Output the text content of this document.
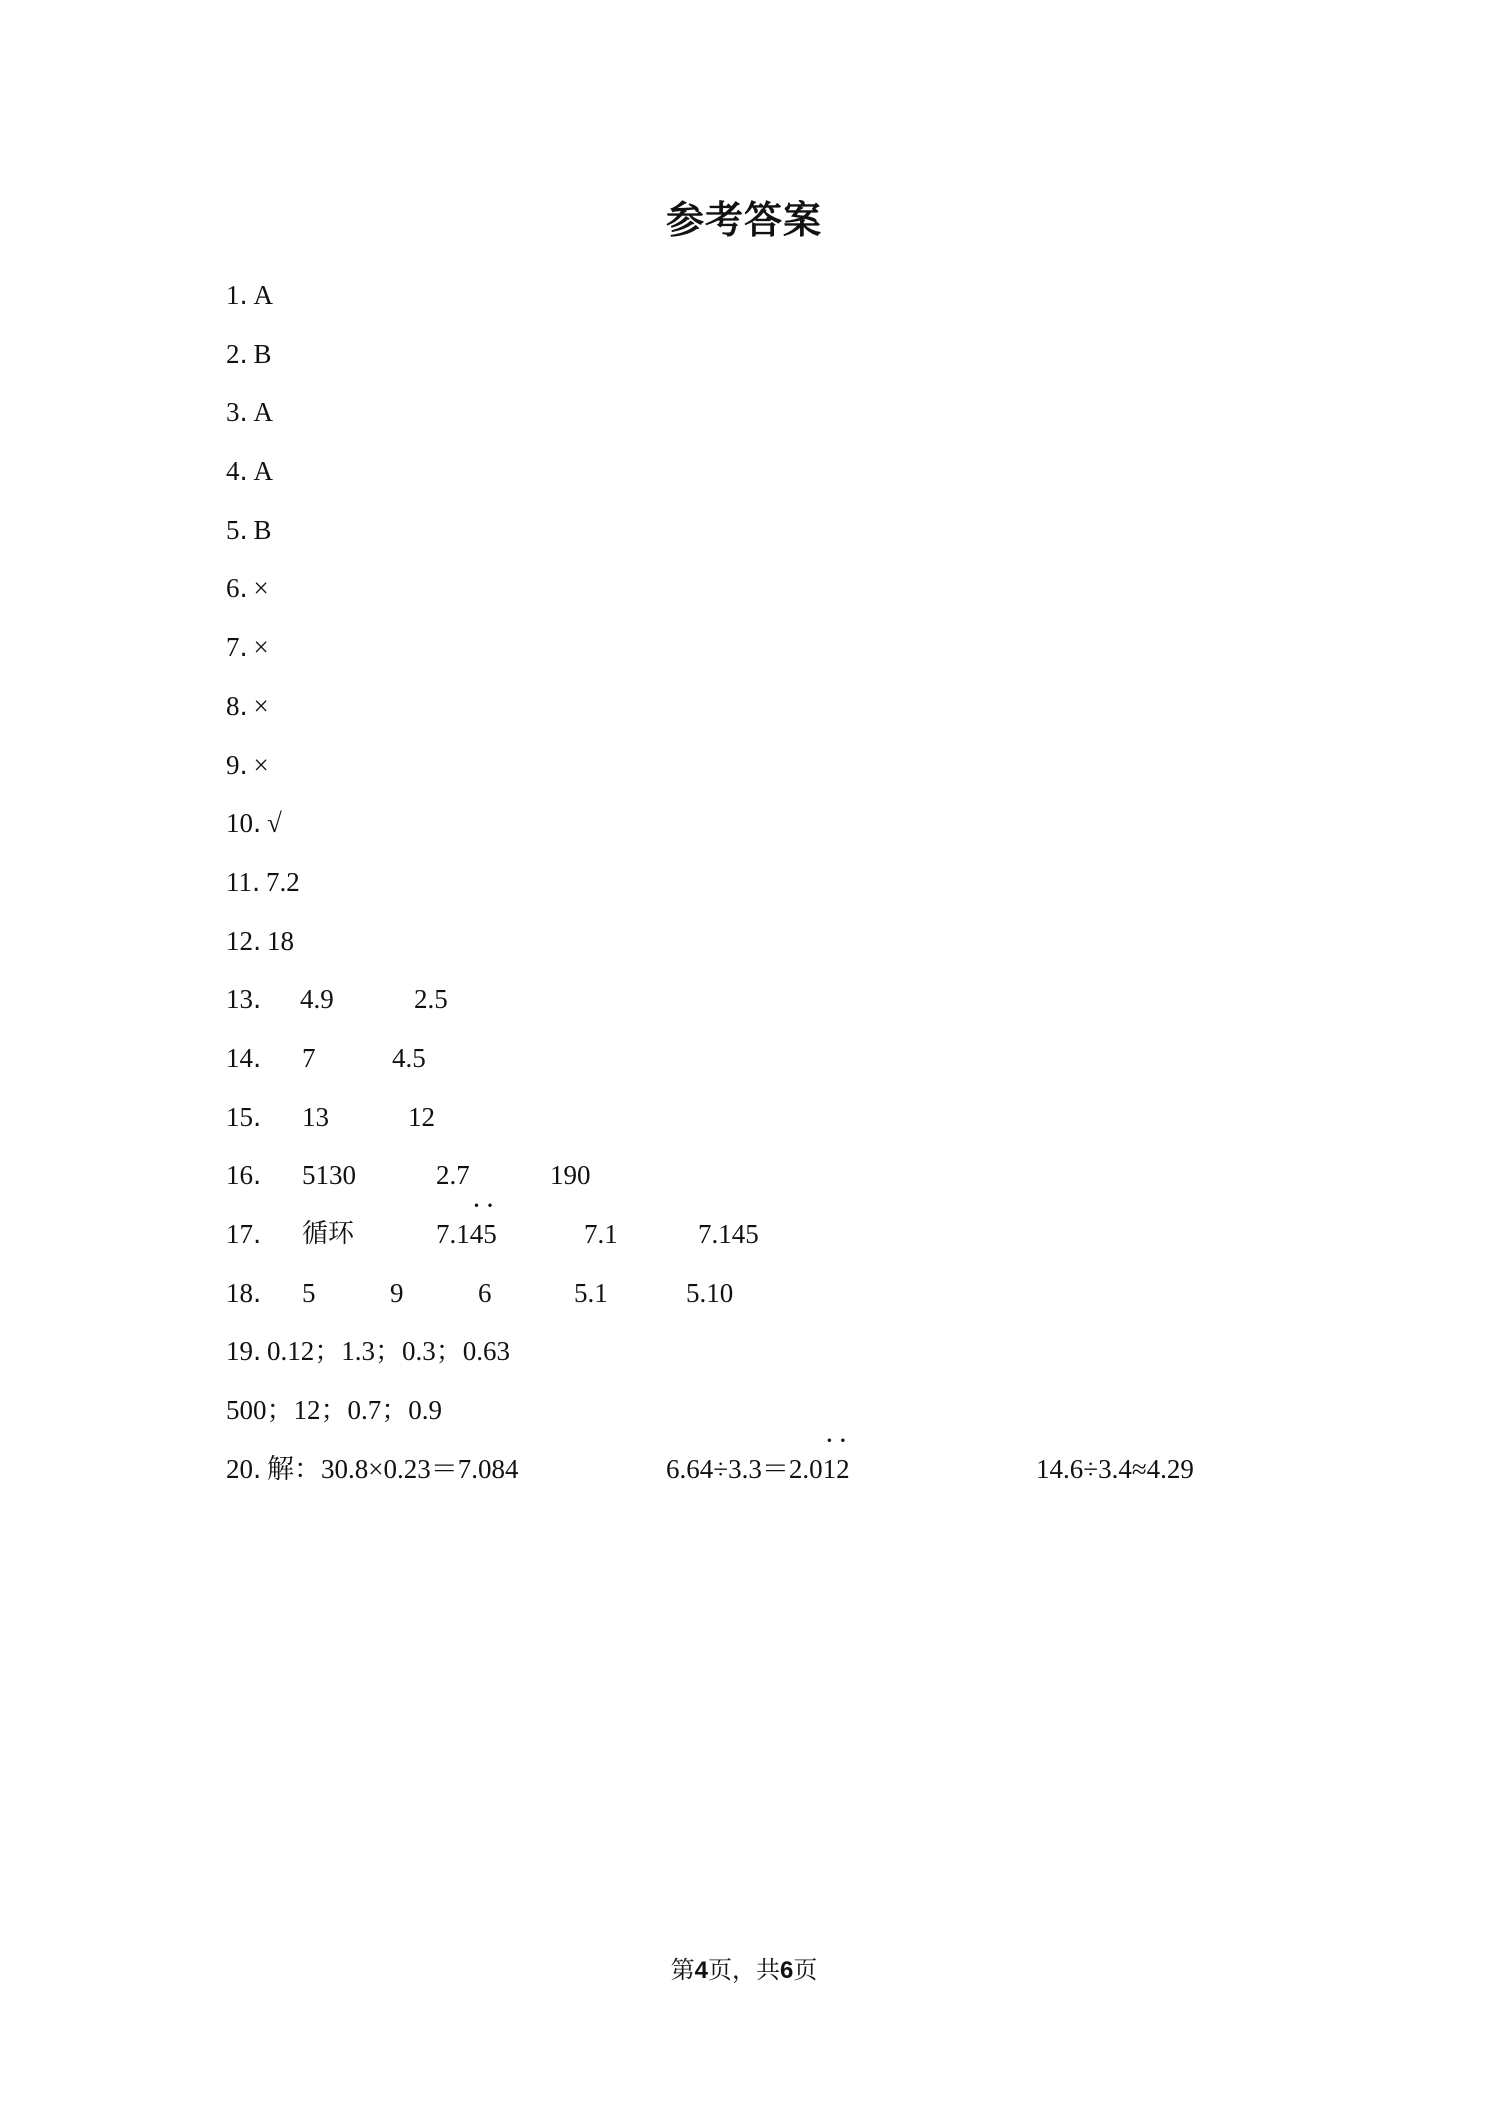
参考答案
1. A
2. B
3. A
4. A
5. B
6. ×
7. ×
8. ×
9. ×
10. √
11. 7.2
12. 18
13. 4.9	2.5
14. 7	4.5
15. 13	12
16. 5130	2.7	190
17. 循环	7.14 ·5 ·	7.1	7.145
18. 5	9	6	5.1	5.10
19. 0.12；1.3；0.3；0.63
500；12；0.7；0.9
20. 解：30.8×0.23＝7.084	6.64÷3.3＝2.01 ·2 ·	14.6÷3.4≈4.29
第4页，共6页
